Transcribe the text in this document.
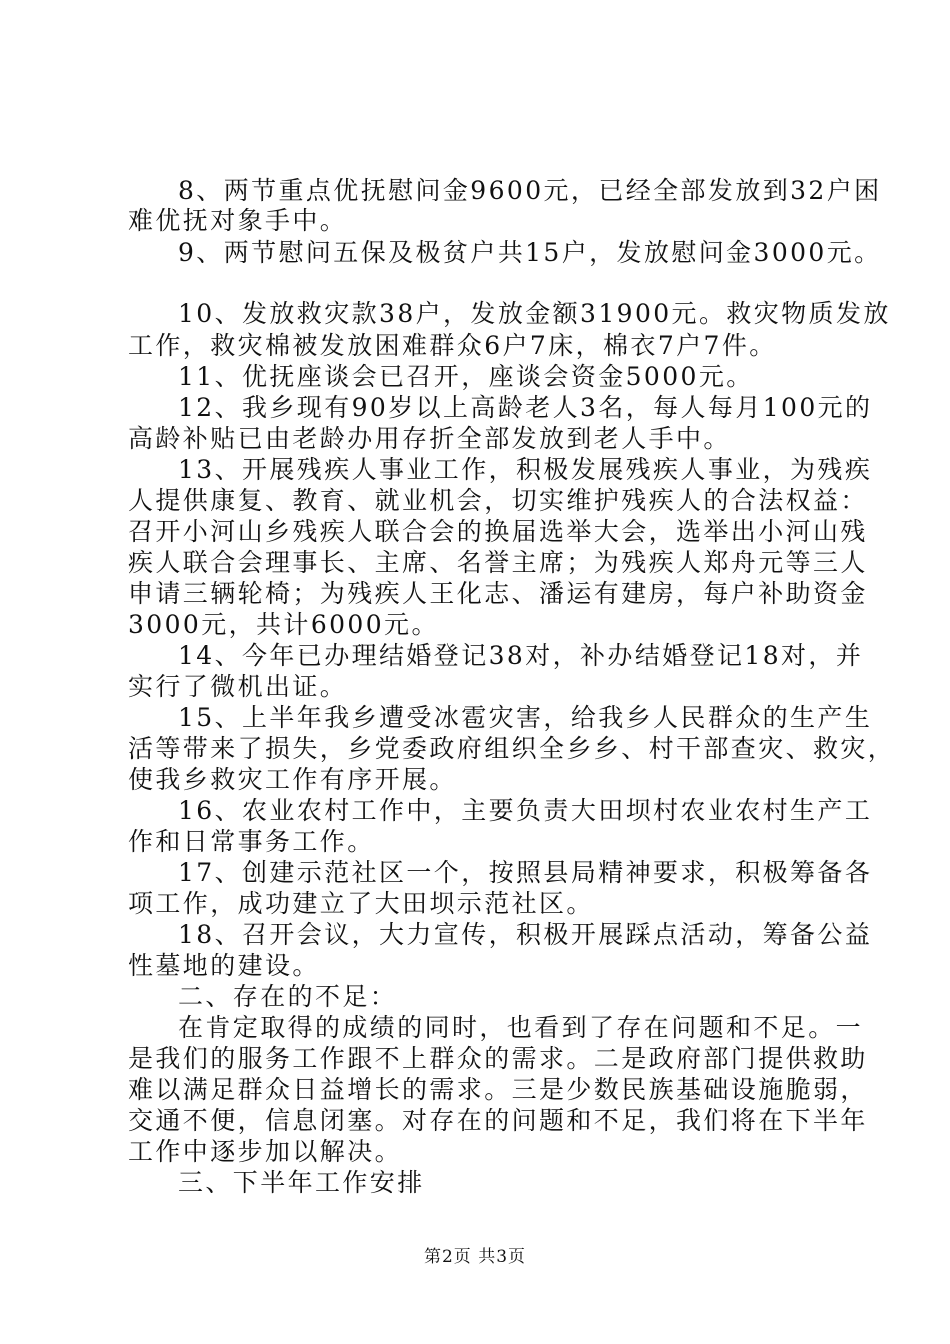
8、两节重点优抚慰问金9600元，已经全部发放到32户困
难优抚对象手中。
9、两节慰问五保及极贫户共15户，发放慰问金3000元。
10、发放救灾款38户，发放金额31900元。救灾物质发放
工作，救灾棉被发放困难群众6户7床，棉衣7户7件。
11、优抚座谈会已召开，座谈会资金5000元。
12、我乡现有90岁以上高龄老人3名，每人每月100元的
高龄补贴已由老龄办用存折全部发放到老人手中。
13、开展残疾人事业工作，积极发展残疾人事业，为残疾
人提供康复、教育、就业机会，切实维护残疾人的合法权益：
召开小河山乡残疾人联合会的换届选举大会，选举出小河山残
疾人联合会理事长、主席、名誉主席；为残疾人郑舟元等三人
申请三辆轮椅；为残疾人王化志、潘运有建房，每户补助资金
3000元，共计6000元。
14、今年已办理结婚登记38对，补办结婚登记18对，并
实行了微机出证。
15、上半年我乡遭受冰雹灾害，给我乡人民群众的生产生
活等带来了损失，乡党委政府组织全乡乡、村干部查灾、救灾，
使我乡救灾工作有序开展。
16、农业农村工作中，主要负责大田坝村农业农村生产工
作和日常事务工作。
17、创建示范社区一个，按照县局精神要求，积极筹备各
项工作，成功建立了大田坝示范社区。
18、召开会议，大力宣传，积极开展踩点活动，筹备公益
性墓地的建设。
二、存在的不足：
在肯定取得的成绩的同时，也看到了存在问题和不足。一
是我们的服务工作跟不上群众的需求。二是政府部门提供救助
难以满足群众日益增长的需求。三是少数民族基础设施脆弱，
交通不便，信息闭塞。对存在的问题和不足，我们将在下半年
工作中逐步加以解决。
三、下半年工作安排
第2页 共3页
